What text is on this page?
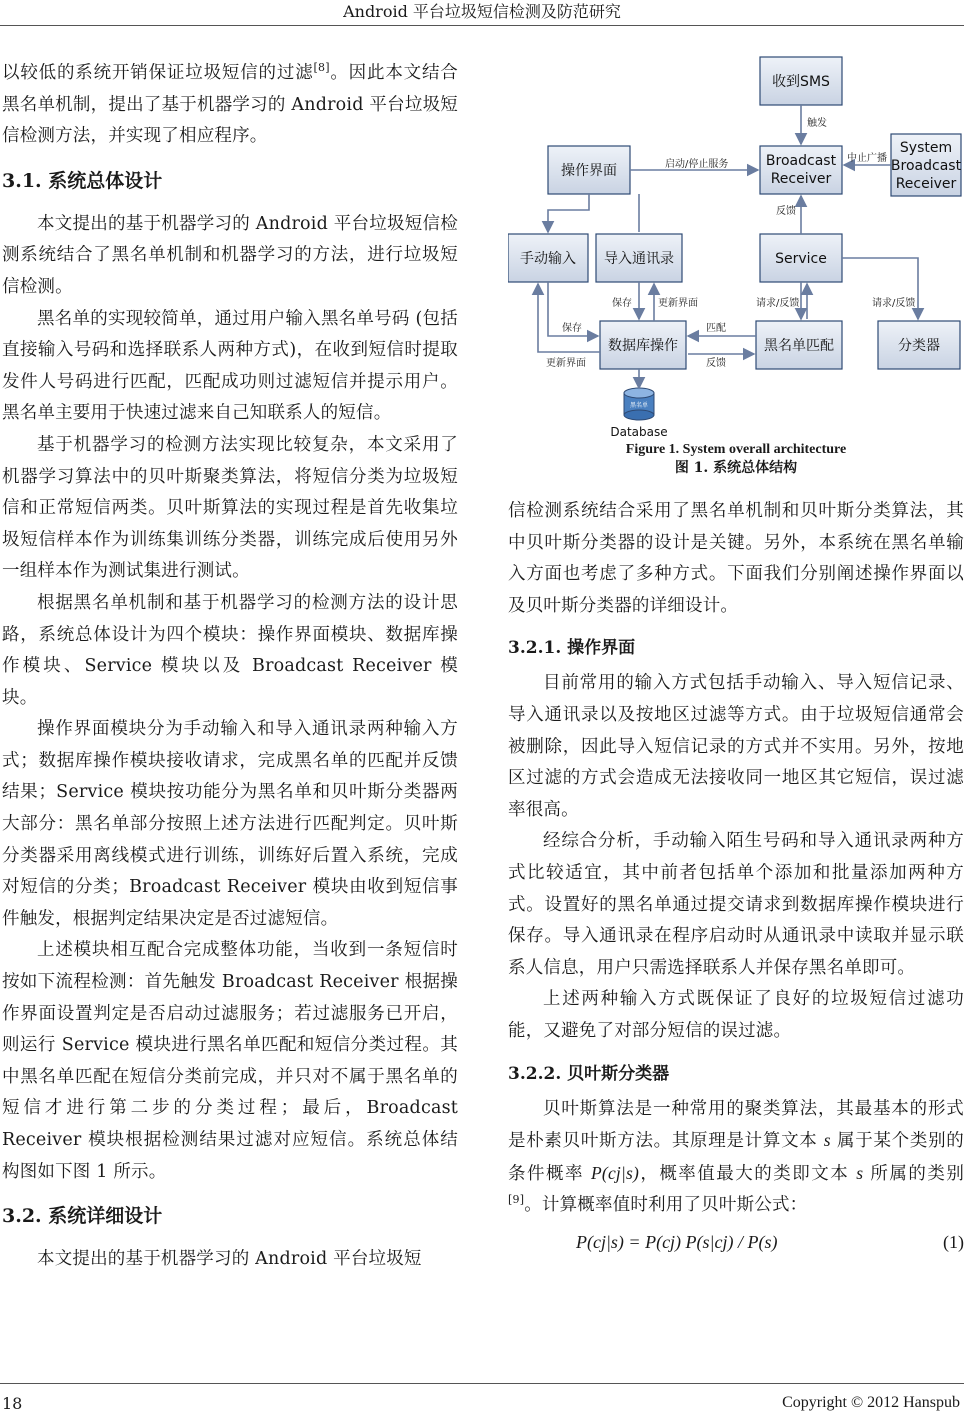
Android 平台垃圾短信检测及防范研究

以较低的系统开销保证垃圾短信的过滤[8]。因此本文结合黑名单机制，提出了基于机器学习的 Android 平台垃圾短信检测方法，并实现了相应程序。

3.1. 系统总体设计

本文提出的基于机器学习的 Android 平台垃圾短信检测系统结合了黑名单机制和机器学习的方法，进行垃圾短信检测。

黑名单的实现较简单，通过用户输入黑名单号码 (包括直接输入号码和选择联系人两种方式)，在收到短信时提取发件人号码进行匹配，匹配成功则过滤短信并提示用户。黑名单主要用于快速过滤来自己知联系人的短信。

基于机器学习的检测方法实现比较复杂，本文采用了机器学习算法中的贝叶斯聚类算法，将短信分类为垃圾短信和正常短信两类。贝叶斯算法的实现过程是首先收集垃圾短信样本作为训练集训练分类器，训练完成后使用另外一组样本作为测试集进行测试。

根据黑名单机制和基于机器学习的检测方法的设计思路，系统总体设计为四个模块：操作界面模块、数据库操作模块、Service 模块以及 Broadcast Receiver 模块。

操作界面模块分为手动输入和导入通讯录两种输入方式；数据库操作模块接收请求，完成黑名单的匹配并反馈结果；Service 模块按功能分为黑名单和贝叶斯分类器两大部分：黑名单部分按照上述方法进行匹配判定。贝叶斯分类器采用离线模式进行训练，训练好后置入系统，完成对短信的分类；Broadcast Receiver 模块由收到短信事件触发，根据判定结果决定是否过滤短信。

上述模块相互配合完成整体功能，当收到一条短信时按如下流程检测：首先触发 Broadcast Receiver 根据操作界面设置判定是否启动过滤服务；若过滤服务已开启，则运行 Service 模块进行黑名单匹配和短信分类过程。其中黑名单匹配在短信分类前完成，并只对不属于黑名单的短信才进行第二步的分类过程；最后，Broadcast Receiver 模块根据检测结果过滤对应短信。系统总体结构图如下图 1 所示。

3.2. 系统详细设计

本文提出的基于机器学习的 Android 平台垃圾短

收到SMS
操作界面
Broadcast
Receiver
System
Broadcast
Receiver
手动输入 导入通讯录	Service
数据库操作	黑名单匹配	分类器
黑名单
Database
触发
启动/停止服务
中止广播
反馈
保存	更新界面	请求/反馈	请求/反馈
保存
更新界面
匹配
反馈
Figure 1. System overall architecture
图 1. 系统总体结构

信检测系统结合采用了黑名单机制和贝叶斯分类算法，其中贝叶斯分类器的设计是关键。另外，本系统在黑名单输入方面也考虑了多种方式。下面我们分别阐述操作界面以及贝叶斯分类器的详细设计。

3.2.1. 操作界面

目前常用的输入方式包括手动输入、导入短信记录、导入通讯录以及按地区过滤等方式。由于垃圾短信通常会被删除，因此导入短信记录的方式并不实用。另外，按地区过滤的方式会造成无法接收同一地区其它短信，误过滤率很高。

经综合分析，手动输入陌生号码和导入通讯录两种方式比较适宜，其中前者包括单个添加和批量添加两种方式。设置好的黑名单通过提交请求到数据库操作模块进行保存。导入通讯录在程序启动时从通讯录中读取并显示联系人信息，用户只需选择联系人并保存黑名单即可。

上述两种输入方式既保证了良好的垃圾短信过滤功能，又避免了对部分短信的误过滤。

3.2.2. 贝叶斯分类器

贝叶斯算法是一种常用的聚类算法，其最基本的形式是朴素贝叶斯方法。其原理是计算文本 s 属于某个类别的条件概率 P(cj|s)，概率值最大的类即文本 s 所属的类别[9]。计算概率值时利用了贝叶斯公式：

P(cj|s) = P(cj) P(s|cj) / P(s)	(1)
18	Copyright © 2012 Hanspub
